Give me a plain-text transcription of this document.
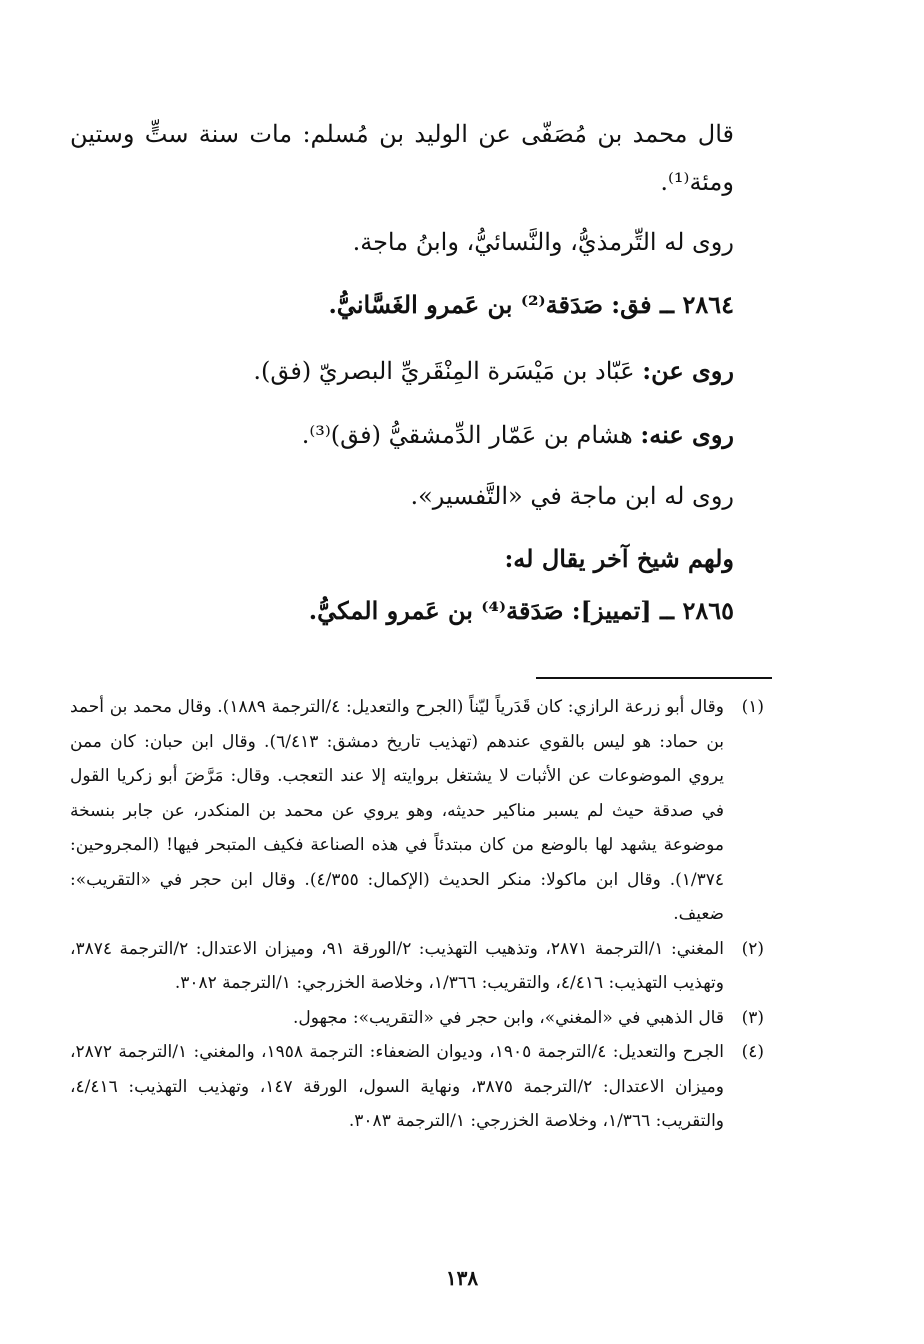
قال محمد بن مُصَفّى عن الوليد بن مُسلم: مات سنة ستٍّ وستين ومئة⁽¹⁾.

روى له التِّرمذيُّ، والنَّسائيُّ، وابنُ ماجة.
٢٨٦٤ ــ فق: صَدَقة⁽²⁾ بن عَمرو الغَسَّانيُّ.
روى عن: عَبّاد بن مَيْسَرة المِنْقَريِّ البصريّ (فق).
روى عنه: هشام بن عَمّار الدِّمشقيُّ (فق)⁽³⁾.
روى له ابن ماجة في «التَّفسير».
ولهم شيخ آخر يقال له:
٢٨٦٥ ــ [تمييز]: صَدَقة⁽⁴⁾ بن عَمرو المكيُّ.
(١)
وقال أبو زرعة الرازي: كان قَدَرياً ليّناً (الجرح والتعديل: ٤/الترجمة ١٨٨٩). وقال محمد بن أحمد بن حماد: هو ليس بالقوي عندهم (تهذيب تاريخ دمشق: ٦/٤١٣). وقال ابن حبان: كان ممن يروي الموضوعات عن الأثبات لا يشتغل بروايته إلا عند التعجب. وقال: مَرَّضَ أبو زكريا القول في صدقة حيث لم يسبر مناكير حديثه، وهو يروي عن محمد بن المنكدر، عن جابر بنسخة موضوعة يشهد لها بالوضع من كان مبتدئاً في هذه الصناعة فكيف المتبحر فيها! (المجروحين: ١/٣٧٤). وقال ابن ماكولا: منكر الحديث (الإكمال: ٤/٣٥٥). وقال ابن حجر في «التقريب»: ضعيف.
(٢)
المغني: ١/الترجمة ٢٨٧١، وتذهيب التهذيب: ٢/الورقة ٩١، وميزان الاعتدال: ٢/الترجمة ٣٨٧٤، وتهذيب التهذيب: ٤/٤١٦، والتقريب: ١/٣٦٦، وخلاصة الخزرجي: ١/الترجمة ٣٠٨٢.
(٣)
قال الذهبي في «المغني»، وابن حجر في «التقريب»: مجهول.
(٤)
الجرح والتعديل: ٤/الترجمة ١٩٠٥، وديوان الضعفاء: الترجمة ١٩٥٨، والمغني: ١/الترجمة ٢٨٧٢، وميزان الاعتدال: ٢/الترجمة ٣٨٧٥، ونهاية السول، الورقة ١٤٧، وتهذيب التهذيب: ٤/٤١٦، والتقريب: ١/٣٦٦، وخلاصة الخزرجي: ١/الترجمة ٣٠٨٣.
١٣٨
